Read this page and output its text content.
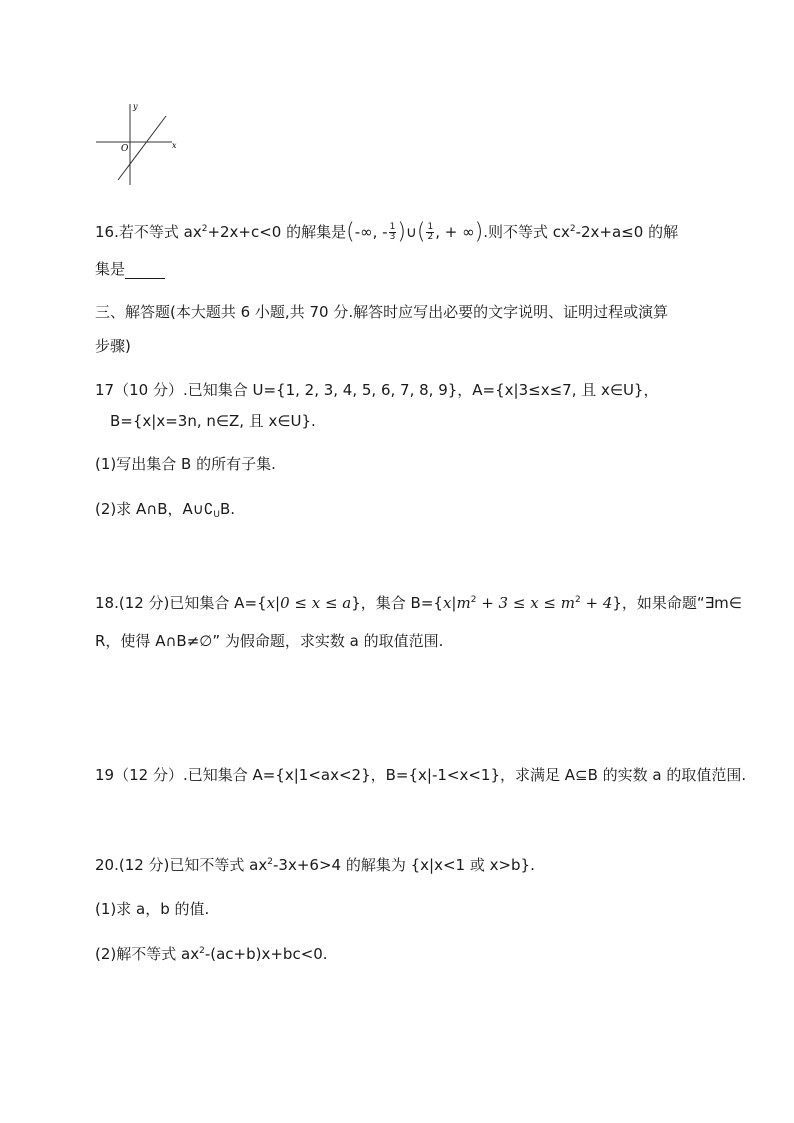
y
x
O
16.若不等式 $ax^2+2x+c<0$ 的解集是(-∞, - $\frac{1}{3}$ )∪( $\frac{1}{2}$ , + ∞).则不等式 $cx^2-2x+a\le 0$ 的解
集是
三、解答题(本大题共 6 小题,共 70 分.解答时应写出必要的文字说明、证明过程或演算
步骤)
17（10 分）.已知集合 U={1, 2, 3, 4, 5, 6, 7, 8, 9}，A={x|3≤x≤7, 且 x∈U}，
B={x|x=3n, n∈Z, 且 x∈U}.
(1)写出集合 B 的所有子集.
(2)求 A∩B，$A\cup∁_UB$.
18.(12 分)已知集合 A={x|0 ≤ x ≤ a}，集合 $B=\{x|m^2 + 3 \le x \le m^2 + 4\}$，如果命题“∃m∈
R，使得 A∩B≠∅” 为假命题，求实数 a 的取值范围.
19（12 分）.已知集合 A={x|1<ax<2}，B={x|-1<x<1}，求满足 A⊆B 的实数 a 的取值范围.
20.(12 分)已知不等式 $ax^2-3x+6>4$ 的解集为 {x|x<1 或 x>b}.
(1)求 a，b 的值.
(2)解不等式 $ax^2-(ac+b)x+bc<0$.
